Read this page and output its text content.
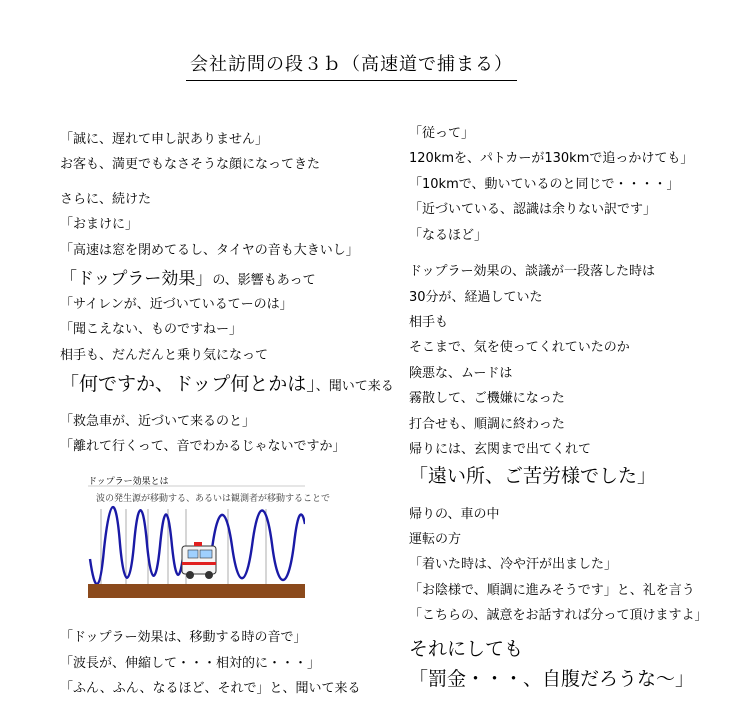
会社訪問の段３ｂ（高速道で捕まる）
「誠に、遅れて申し訳ありません」
お客も、満更でもなさそうな顔になってきた
さらに、続けた
「おまけに」
「高速は窓を閉めてるし、タイヤの音も大きいし」
「ドップラー効果」の、影響もあって
「サイレンが、近づいているてーのは」
「聞こえない、ものですねー」
相手も、だんだんと乗り気になって
「何ですか、ドップ何とかは」、聞いて来る
「救急車が、近づいて来るのと」
「離れて行くって、音でわかるじゃないですか」
ドップラー効果とは
波の発生源が移動する、あるいは観測者が移動することで
「ドップラー効果は、移動する時の音で」
「波長が、伸縮して・・・相対的に・・・」
「ふん、ふん、なるほど、それで」と、聞いて来る
「従って」
120kmを、パトカーが130kmで追っかけても」
「10kmで、動いているのと同じで・・・・」
「近づいている、認識は余りない訳です」
「なるほど」
ドップラー効果の、談議が一段落した時は
30分が、経過していた
相手も
そこまで、気を使ってくれていたのか
険悪な、ムードは
霧散して、ご機嫌になった
打合せも、順調に終わった
帰りには、玄関まで出てくれて
「遠い所、ご苦労様でした」
帰りの、車の中
運転の方
「着いた時は、冷や汗が出ました」
「お陰様で、順調に進みそうです」と、礼を言う
「こちらの、誠意をお話すれば分って頂けますよ」
それにしても
「罰金・・・、自腹だろうな～」
